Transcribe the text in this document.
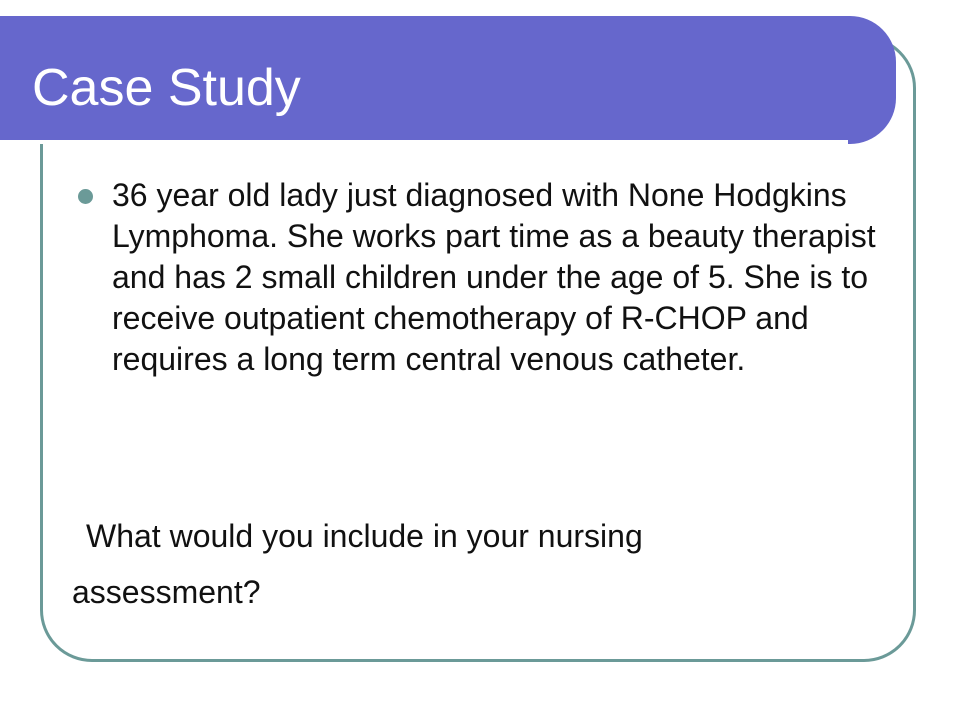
Case Study
36 year old lady just diagnosed with None Hodgkins Lymphoma. She works part time as a beauty therapist and has 2 small children under the age of 5. She is to receive outpatient chemotherapy of R-CHOP and requires a long term central venous catheter.

What would you include in your nursing
assessment?
